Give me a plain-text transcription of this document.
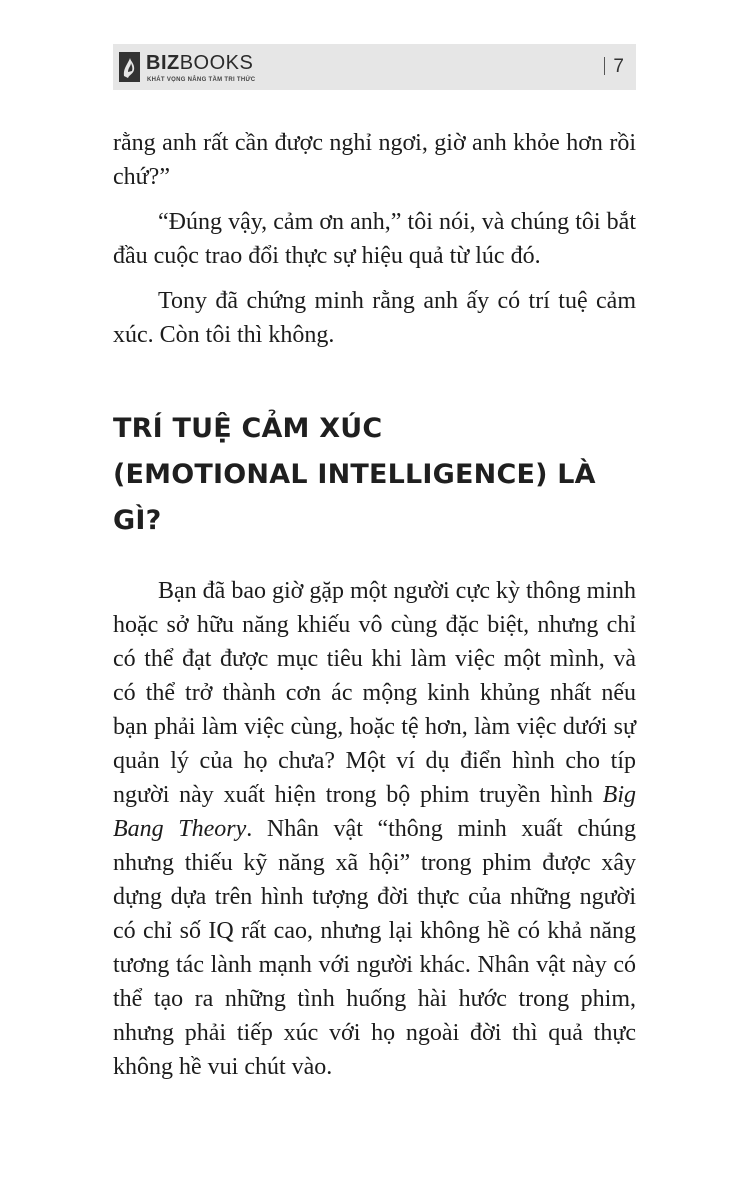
BIZBOOKS
KHÁT VỌNG NÂNG TẦM TRI THỨC
7

rằng anh rất cần được nghỉ ngơi, giờ anh khỏe hơn rồi chứ?”

“Đúng vậy, cảm ơn anh,” tôi nói, và chúng tôi bắt đầu cuộc trao đổi thực sự hiệu quả từ lúc đó.

Tony đã chứng minh rằng anh ấy có trí tuệ cảm xúc. Còn tôi thì không.

TRÍ TUỆ CẢM XÚC
(EMOTIONAL INTELLIGENCE) LÀ GÌ?

Bạn đã bao giờ gặp một người cực kỳ thông minh hoặc sở hữu năng khiếu vô cùng đặc biệt, nhưng chỉ có thể đạt được mục tiêu khi làm việc một mình, và có thể trở thành cơn ác mộng kinh khủng nhất nếu bạn phải làm việc cùng, hoặc tệ hơn, làm việc dưới sự quản lý của họ chưa? Một ví dụ điển hình cho típ người này xuất hiện trong bộ phim truyền hình Big Bang Theory. Nhân vật “thông minh xuất chúng nhưng thiếu kỹ năng xã hội” trong phim được xây dựng dựa trên hình tượng đời thực của những người có chỉ số IQ rất cao, nhưng lại không hề có khả năng tương tác lành mạnh với người khác. Nhân vật này có thể tạo ra những tình huống hài hước trong phim, nhưng phải tiếp xúc với họ ngoài đời thì quả thực không hề vui chút vào.
